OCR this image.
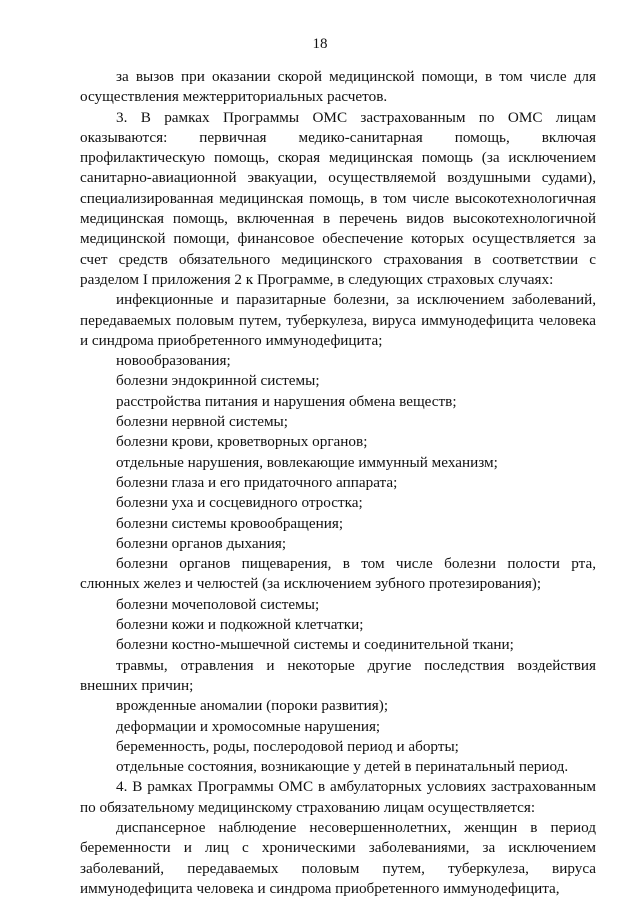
18

за вызов при оказании скорой медицинской помощи, в том числе для осуществления межтерриториальных расчетов.

3. В рамках Программы ОМС застрахованным по ОМС лицам оказываются: первичная медико-санитарная помощь, включая профилактическую помощь, скорая медицинская помощь (за исключением санитарно-авиационной эвакуации, осуществляемой воздушными судами), специализированная медицинская помощь, в том числе высокотехнологичная медицинская помощь, включенная в перечень видов высокотехнологичной медицинской помощи, финансовое обеспечение которых осуществляется за счет средств обязательного медицинского страхования в соответствии с разделом I приложения 2 к Программе, в следующих страховых случаях:

инфекционные и паразитарные болезни, за исключением заболеваний, передаваемых половым путем, туберкулеза, вируса иммунодефицита человека и синдрома приобретенного иммунодефицита;

новообразования;

болезни эндокринной системы;

расстройства питания и нарушения обмена веществ;

болезни нервной системы;

болезни крови, кроветворных органов;

отдельные нарушения, вовлекающие иммунный механизм;

болезни глаза и его придаточного аппарата;

болезни уха и сосцевидного отростка;

болезни системы кровообращения;

болезни органов дыхания;

болезни органов пищеварения, в том числе болезни полости рта, слюнных желез и челюстей (за исключением зубного протезирования);

болезни мочеполовой системы;

болезни кожи и подкожной клетчатки;

болезни костно-мышечной системы и соединительной ткани;

травмы, отравления и некоторые другие последствия воздействия внешних причин;

врожденные аномалии (пороки развития);

деформации и хромосомные нарушения;

беременность, роды, послеродовой период и аборты;

отдельные состояния, возникающие у детей в перинатальный период.

4. В рамках Программы ОМС в амбулаторных условиях застрахованным по обязательному медицинскому страхованию лицам осуществляется:

диспансерное наблюдение несовершеннолетних, женщин в период беременности и лиц с хроническими заболеваниями, за исключением заболеваний, передаваемых половым путем, туберкулеза, вируса иммунодефицита человека и синдрома приобретенного иммунодефицита,
